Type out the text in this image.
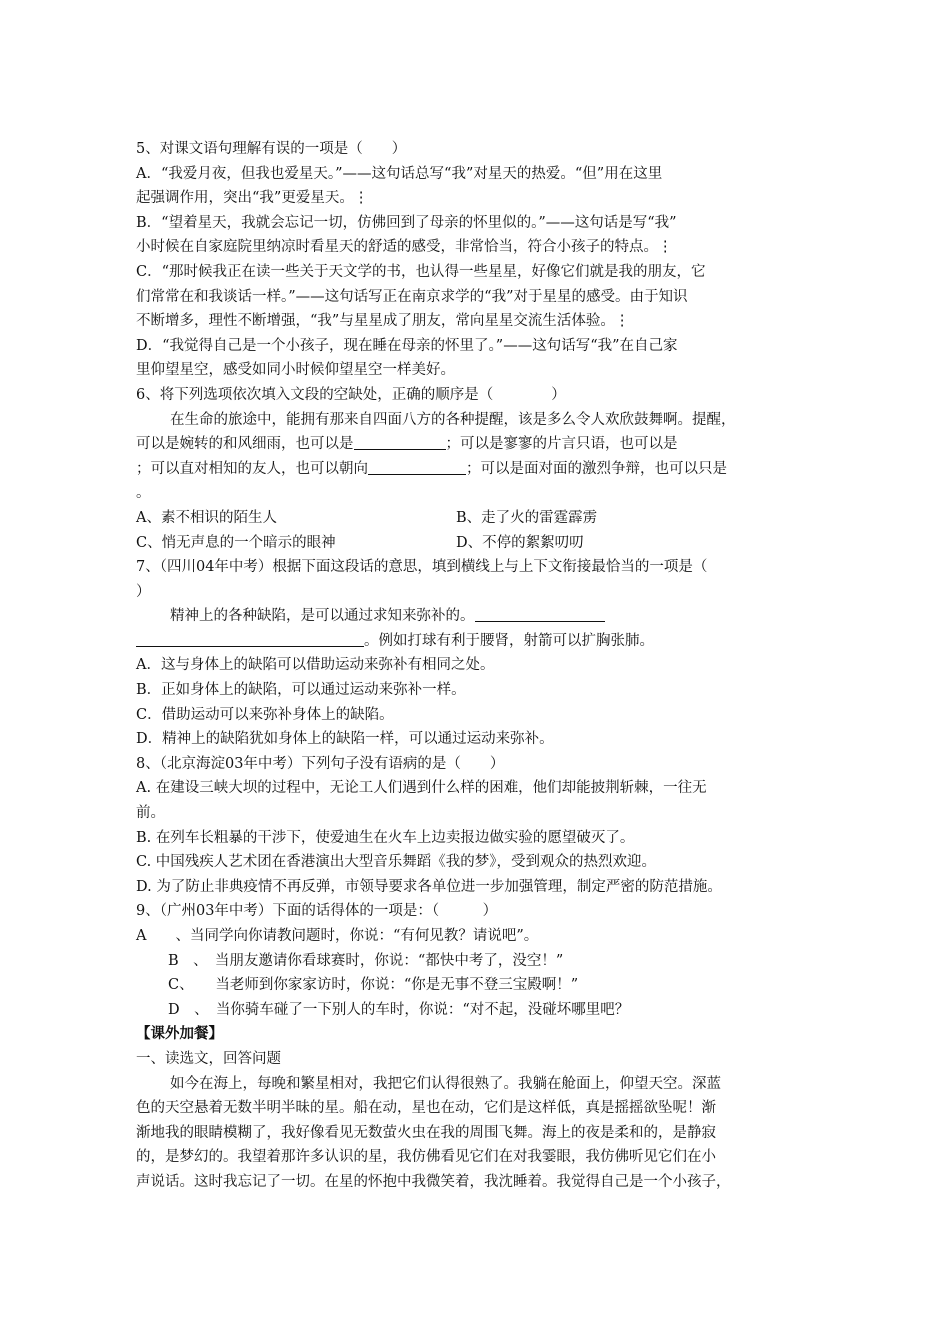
5、对课文语句理解有误的一项是（　　）
A．“我爱月夜，但我也爱星天。”——这句话总写“我”对星天的热爱。“但”用在这里
起强调作用，突出“我”更爱星天。⋮
B．“望着星天，我就会忘记一切，仿佛回到了母亲的怀里似的。”——这句话是写“我”
小时候在自家庭院里纳凉时看星天的舒适的感受，非常恰当，符合小孩子的特点。⋮
C．“那时候我正在读一些关于天文学的书，也认得一些星星，好像它们就是我的朋友，它
们常常在和我谈话一样。”——这句话写正在南京求学的“我”对于星星的感受。由于知识
不断增多，理性不断增强，“我”与星星成了朋友，常向星星交流生活体验。⋮
D．“我觉得自己是一个小孩子，现在睡在母亲的怀里了。”——这句话写“我”在自己家
里仰望星空，感受如同小时候仰望星空一样美好。
6、将下列选项依次填入文段的空缺处，正确的顺序是（　　　　）
在生命的旅途中，能拥有那来自四面八方的各种提醒，该是多么令人欢欣鼓舞啊。提醒，
可以是婉转的和风细雨，也可以是	；可以是寥寥的片言只语，也可以是
；可以直对相知的友人，也可以朝向	；可以是面对面的激烈争辩，也可以只是
。
A、素不相识的陌生人	B、走了火的雷霆霹雳
C、悄无声息的一个暗示的眼神	D、不停的絮絮叨叨
7、（四川04年中考）根据下面这段话的意思，填到横线上与上下文衔接最恰当的一项是（
）
精神上的各种缺陷，是可以通过求知来弥补的。
。例如打球有利于腰肾，射箭可以扩胸张肺。
A．这与身体上的缺陷可以借助运动来弥补有相同之处。
B．正如身体上的缺陷，可以通过运动来弥补一样。
C．借助运动可以来弥补身体上的缺陷。
D．精神上的缺陷犹如身体上的缺陷一样，可以通过运动来弥补。
8、（北京海淀03年中考）下列句子没有语病的是（　　）
A. 在建设三峡大坝的过程中，无论工人们遇到什么样的困难，他们却能披荆斩棘，一往无
前。
B. 在列车长粗暴的干涉下，使爱迪生在火车上边卖报边做实验的愿望破灭了。
C. 中国残疾人艺术团在香港演出大型音乐舞蹈《我的梦》，受到观众的热烈欢迎。
D. 为了防止非典疫情不再反弹，市领导要求各单位进一步加强管理，制定严密的防范措施。
9、（广州03年中考）下面的话得体的一项是：（　　　）
A　　、当同学向你请教问题时，你说：“有何见教？请说吧”。
B　、　当朋友邀请你看球赛时，你说：“都快中考了，没空！”
C、　　当老师到你家家访时，你说：“你是无事不登三宝殿啊！”
D　、　当你骑车碰了一下别人的车时，你说：“对不起，没碰坏哪里吧？
【课外加餐】
一、读选文，回答问题
如今在海上，每晚和繁星相对，我把它们认得很熟了。我躺在舱面上，仰望天空。深蓝
色的天空悬着无数半明半昧的星。船在动，星也在动，它们是这样低，真是摇摇欲坠呢！渐
渐地我的眼睛模糊了，我好像看见无数萤火虫在我的周围飞舞。海上的夜是柔和的，是静寂
的，是梦幻的。我望着那许多认识的星，我仿佛看见它们在对我霎眼，我仿佛听见它们在小
声说话。这时我忘记了一切。在星的怀抱中我微笑着，我沈睡着。我觉得自己是一个小孩子，
